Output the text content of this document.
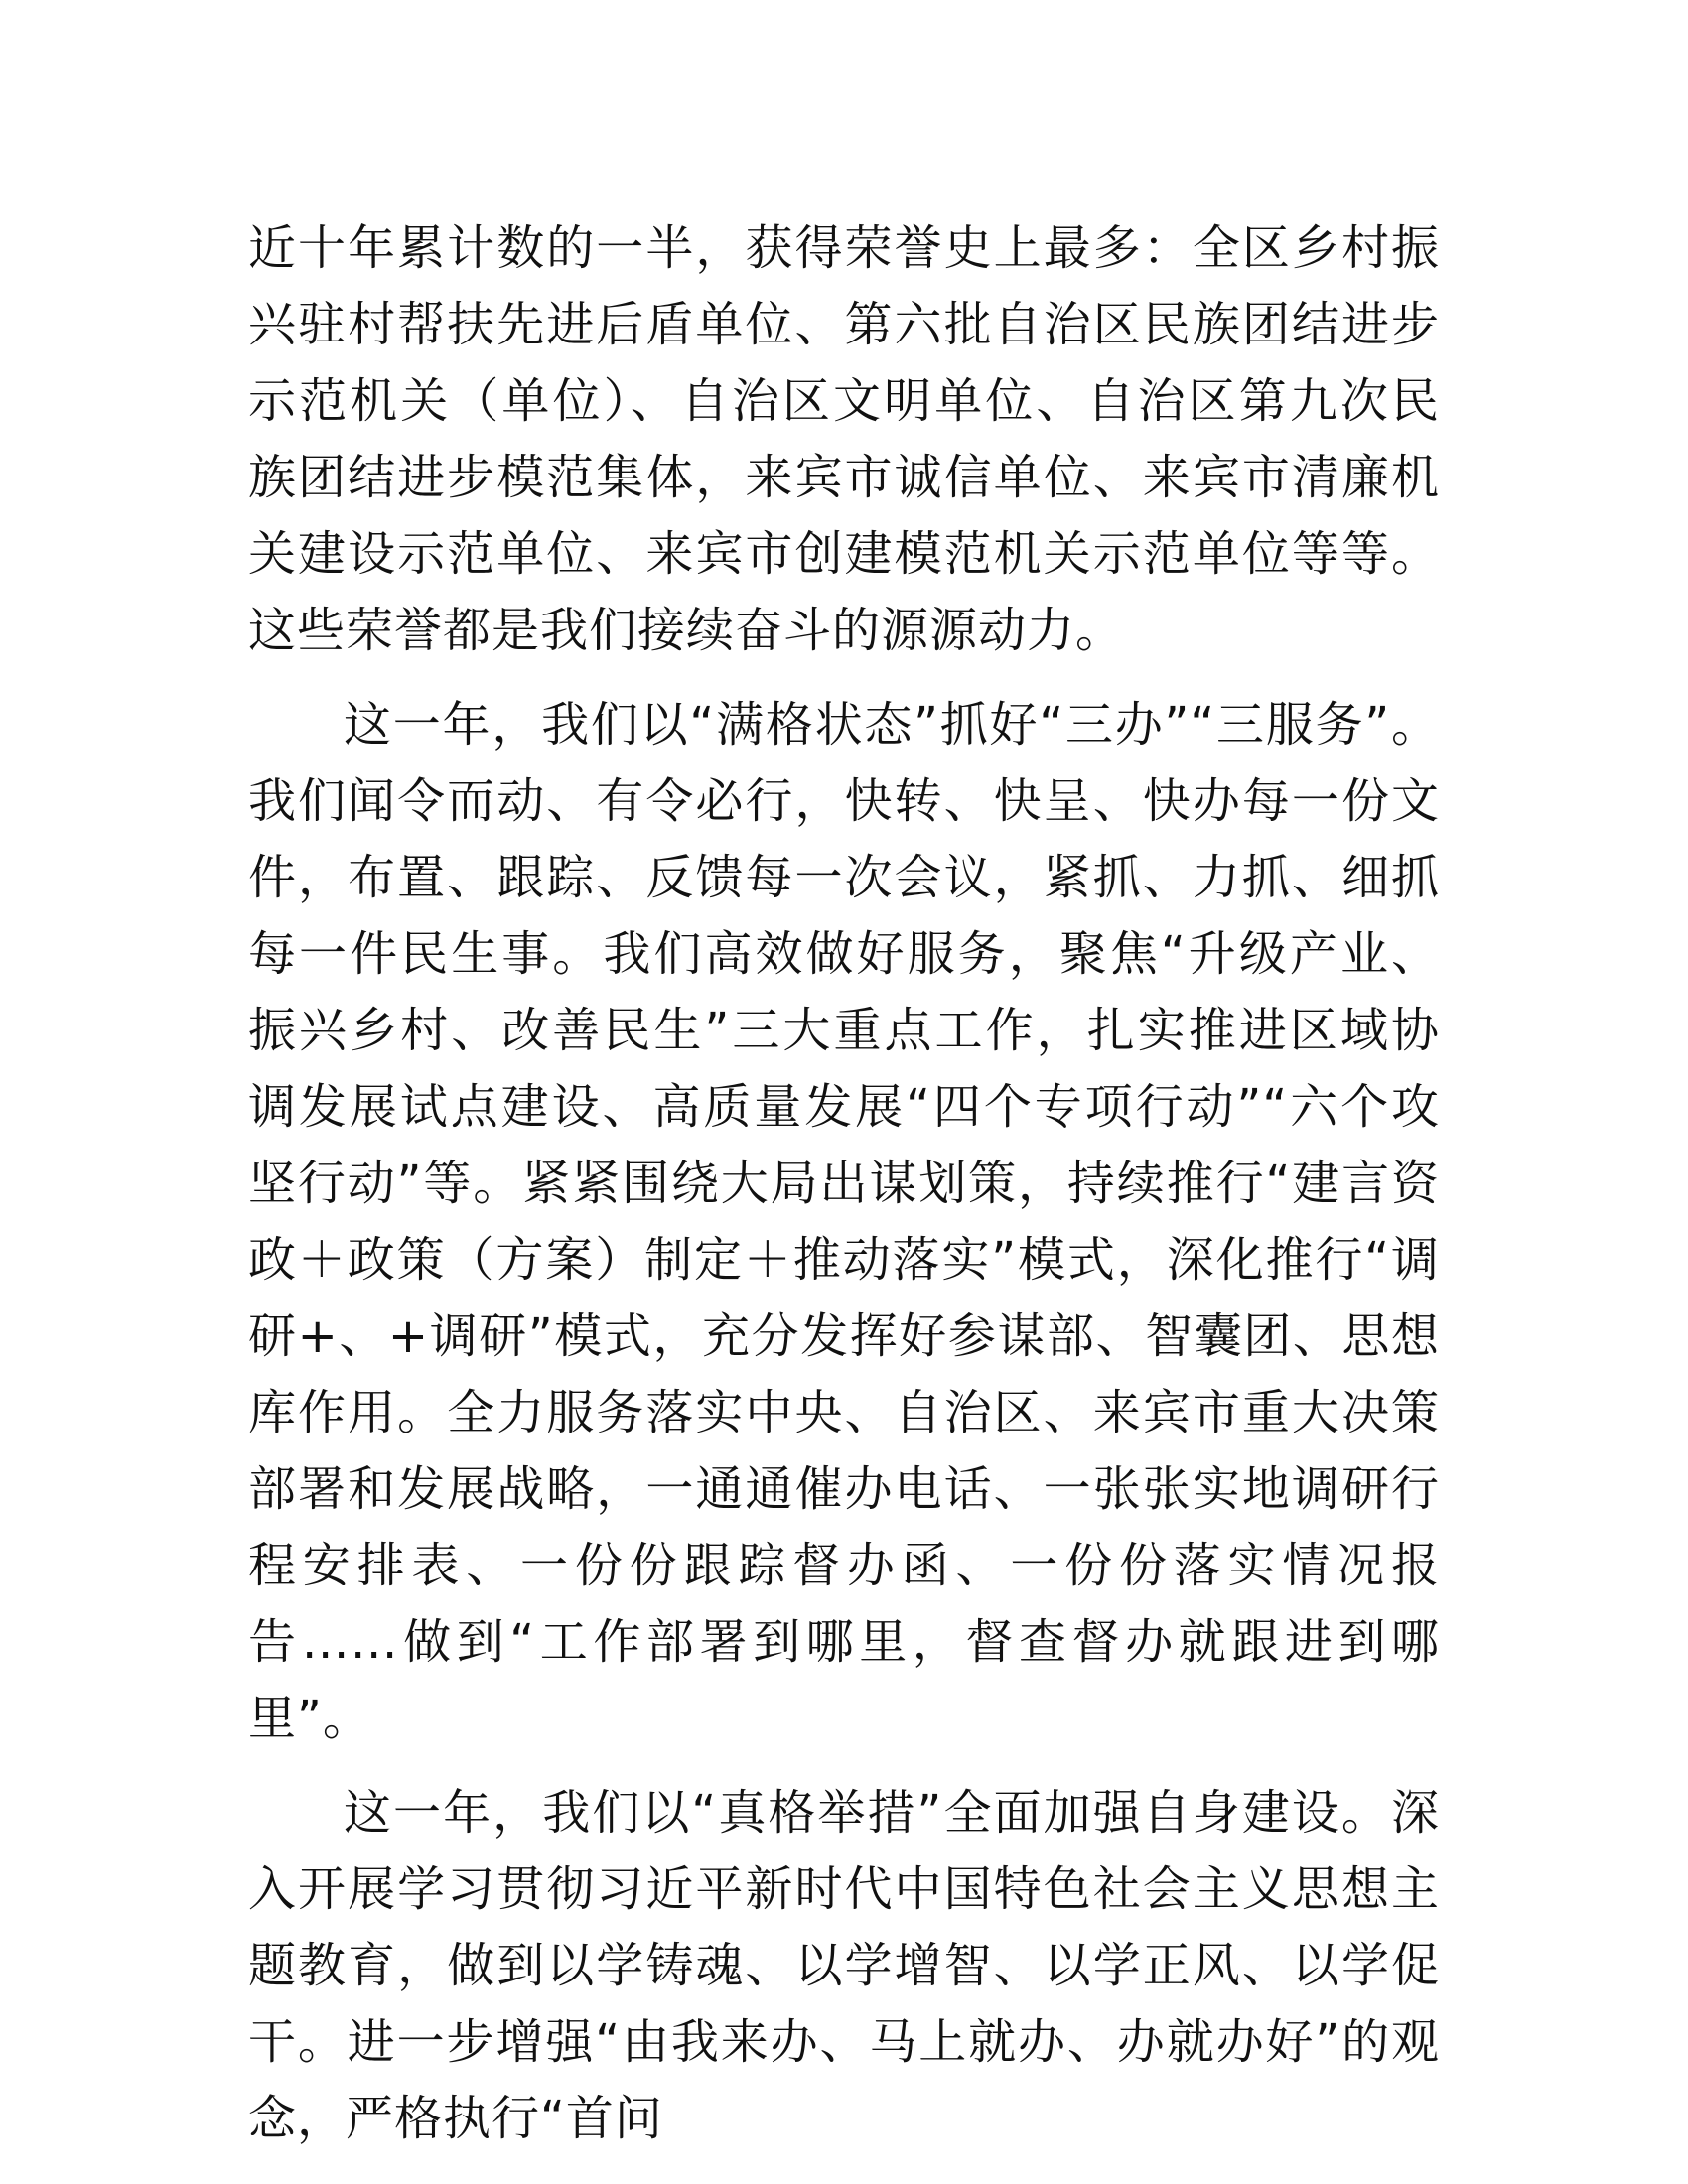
近十年累计数的一半，获得荣誉史上最多：全区乡村振兴驻村帮扶先进后盾单位、第六批自治区民族团结进步示范机关（单位）、自治区文明单位、自治区第九次民族团结进步模范集体，来宾市诚信单位、来宾市清廉机关建设示范单位、来宾市创建模范机关示范单位等等。这些荣誉都是我们接续奋斗的源源动力。

这一年，我们以“满格状态”抓好“三办”“三服务”。我们闻令而动、有令必行，快转、快呈、快办每一份文件，布置、跟踪、反馈每一次会议，紧抓、力抓、细抓每一件民生事。我们高效做好服务，聚焦“升级产业、振兴乡村、改善民生”三大重点工作，扎实推进区域协调发展试点建设、高质量发展“四个专项行动”“六个攻坚行动”等。紧紧围绕大局出谋划策，持续推行“建言资政＋政策（方案）制定＋推动落实”模式，深化推行“调研+、+调研”模式，充分发挥好参谋部、智囊团、思想库作用。全力服务落实中央、自治区、来宾市重大决策部署和发展战略，一通通催办电话、一张张实地调研行程安排表、一份份跟踪督办函、一份份落实情况报告……做到“工作部署到哪里，督查督办就跟进到哪里”。

这一年，我们以“真格举措”全面加强自身建设。深入开展学习贯彻习近平新时代中国特色社会主义思想主题教育，做到以学铸魂、以学增智、以学正风、以学促干。进一步增强“由我来办、马上就办、办就办好”的观念，严格执行“首问
